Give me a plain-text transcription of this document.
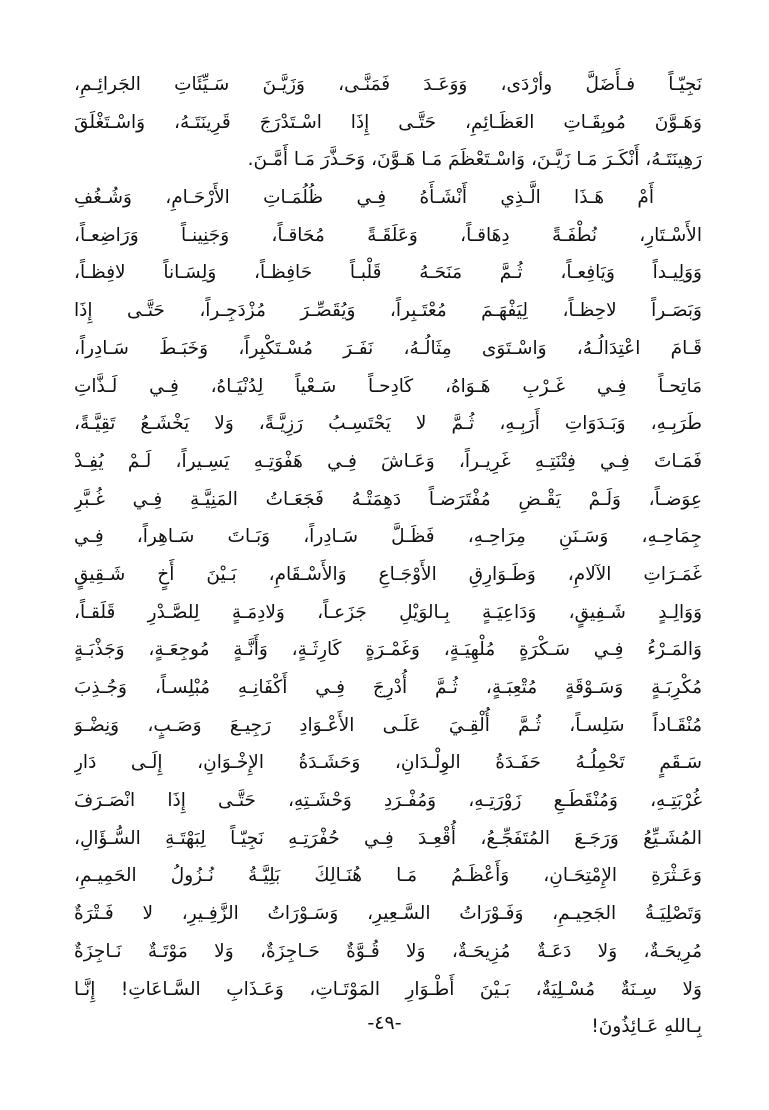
نَجِيّـاً فـأَضَلَّ وأرْدَى، وَوَعَـدَ فَمَنَّـى، وَزَيَّـنَ سَـيِّئَاتِ الجَرائِـمِ،
وَهَـوَّنَ مُوبِقَـاتِ العَظَـائِمِ، حَتَّـى إِذَا اسْـتَدْرَجَ قَرِينَتَـهُ، وَاسْـتَغْلَقَ
رَهِينَتَـهُ، أَنْكَـرَ مَـا زَيَّـنَ، وَاسْـتَعْظَمَ مَـا هَـوَّنَ، وَحَـذَّرَ مَـا أَمَّـنَ.

أَمْ هَـذَا الَّـذِي أَنْشَـأَهُ فِـي ظُلُمَـاتِ الأَرْحَـامِ، وَشُـغُفِ
الأَسْـتَارِ، نُطْفَـةً دِهَاقـاً، وَعَلَقَـةً مُحَاقـاً، وَجَنِينـاً وَرَاضِعـاً،
وَوَلِيـداً وَيَافِعـاً، ثُـمَّ مَنَحَـهُ قَلْبـاً حَافِظـاً، وَلِسَـاناً لافِظـاً،
وَبَصَـراً لاحِظـاً، لِيَفْهَـمَ مُعْتَـبِراً، وَيُقَصِّـرَ مُزْدَجِـراً، حَتَّـى إِذَا
قَـامَ اعْتِدَالُـهُ، وَاسْـتَوَى مِثَالُـهُ، نَفَـرَ مُسْـتَكْبِراً، وَخَبَـطَ سَـادِراً،
مَاتِحـاً فِـي غَـرْبِ هَـوَاهُ، كَادِحـاً سَـعْياً لِدُنْيَـاهُ، فِـي لَـذَّاتِ
طَرَبِـهِ، وَبَـدَوَاتِ أَرَبِـهِ، ثُـمَّ لا يَحْتَسِـبُ رَزِيَّـةً، وَلا يَخْشَـعُ تَقِيَّـةً،
فَمَـاتَ فِـي فِتْنَتِـهِ غَرِيـراً، وَعَـاشَ فِـي هَفْوَتِـهِ يَسِـيراً، لَـمْ يُفِـدْ
عِوَضـاً، وَلَـمْ يَقْـضِ مُفْتَرَضـاً دَهِمَتْـهُ فَجَعَـاتُ المَنِيَّـةِ فِـي غُـبَّرِ
جِمَاحِـهِ، وَسَـنَنِ مِرَاحِـهِ، فَظَـلَّ سَـادِراً، وَبَـاتَ سَـاهِراً، فِـي
غَمَـرَاتِ الآلامِ، وَطَـوَارِقِ الأَوْجَـاعِ وَالأَسْـقَامِ، بَـيْنَ أَخٍ شَـقِيقٍ
وَوَالِـدٍ شَـفِيقٍ، وَدَاعِيَـةٍ بِـالوَيْلِ جَزَعـاً، وَلادِمَـةٍ لِلصَّـدْرِ قَلَقـاً،
وَالمَـرْءُ فِـي سَـكْرَةٍ مُلْهِيَـةٍ، وَغَمْـرَةٍ كَارِثَـةٍ، وَأَنَّـةٍ مُوجِعَـةٍ، وَجَذْبَـةٍ
مُكْرِبَـةٍ وَسَـوْقَةٍ مُتْعِبَـةٍ، ثُـمَّ أُدْرِجَ فِـي أَكْفَانِـهِ مُبْلِسـاً، وَجُـذِبَ
مُنْقَـاداً سَلِسـاً، ثُـمَّ أُلْقِـيَ عَلَـى الأَعْـوَادِ رَجِيـعَ وَصَـبٍ، وَنِضْـوَ
سَـقَمٍ تَحْمِلُـهُ حَفَـدَةُ الوِلْـدَانِ، وَحَشَـدَةُ الإِخْـوَانِ، إِلَـى دَارِ
غُرْبَتِـهِ، وَمُنْقَطَـعِ زَوْرَتِـهِ، وَمُفْـرَدِ وَحْشَـتِهِ، حَتَّـى إِذَا انْصَـرَفَ
المُشَـيِّعُ وَرَجَـعَ المُتَفَجِّـعُ، أُقْعِـدَ فِـي حُفْرَتِـهِ نَجِيّـاً لِبَهْتَـةِ السُّـؤَالِ،
وَعَـثْرَةِ الإِمْتِحَـانِ، وَأَعْظَـمُ مَـا هُنَـالِكَ بَلِيَّـةُ نُـزُولُ الحَمِيـمِ،
وَتَصْلِيَـةُ الجَحِيـمِ، وَفَـوْرَاتُ السَّـعِيرِ، وَسَـوْرَاتُ الزَّفِـيرِ، لا فَـتْرَةٌ
مُرِيحَـةٌ، وَلا دَعَـةٌ مُزِيحَـةٌ، وَلا قُـوَّةٌ حَـاجِزَةٌ، وَلا مَوْتَـةٌ نَـاجِزَةٌ
وَلا سِـنَةٌ مُسْـلِيَةٌ، بَـيْنَ أَطْـوَارِ المَوْتَـاتِ، وَعَـذَابِ السَّـاعَاتِ! إِنَّـا
بِـاللهِ عَـائِذُونَ!

-٤٩-
